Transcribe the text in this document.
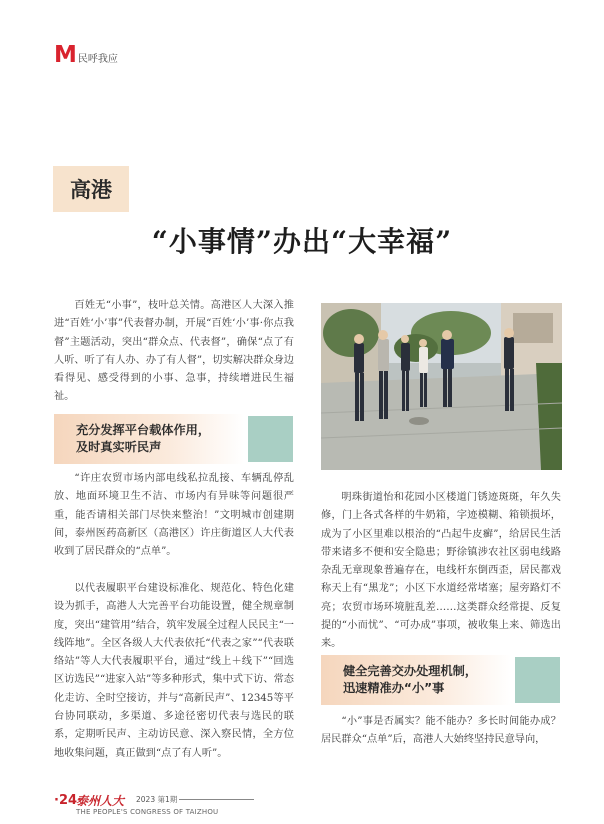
M 民呼我应
高港
“小事情”办出“大幸福”

百姓无“小事”，枝叶总关情。高港区人大深入推进“百姓‘小’事”代表督办制，开展“百姓‘小’事·你点我督”主题活动，突出“群众点、代表督”，确保“点了有人听、听了有人办、办了有人督”，切实解决群众身边看得见、感受得到的小事、急事，持续增进民生福祉。

充分发挥平台载体作用，
及时真实听民声

“许庄农贸市场内部电线私拉乱接、车辆乱停乱放、地面环境卫生不洁、市场内有异味等问题很严重，能否请相关部门尽快来整治！”文明城市创建期间，泰州医药高新区（高港区）许庄街道区人大代表收到了居民群众的“点单”。

以代表履职平台建设标准化、规范化、特色化建设为抓手，高港人大完善平台功能设置，健全规章制度，突出“建管用”结合，筑牢发展全过程人民民主“一线阵地”。全区各级人大代表依托“代表之家”“代表联络站”等人大代表履职平台，通过“线上＋线下”“回选区访选民”“进家入站”等多种形式，集中式下访、常态化走访、全时空接访，并与“高新民声”、12345等平台协同联动，多渠道、多途径密切代表与选民的联系，定期听民声、主动访民意、深入察民情，全方位地收集问题，真正做到“点了有人听”。

明珠街道怡和花园小区楼道门锈迹斑斑，年久失修，门上各式各样的牛奶箱，字迹模糊、箱锁损坏，成为了小区里难以根治的“凸起牛皮癣”，给居民生活带来诸多不便和安全隐患；野徐镇涉农社区弱电线路杂乱无章现象普遍存在，电线杆东倒西歪，居民都戏称天上有“黑龙”；小区下水道经常堵塞；屋旁路灯不亮；农贸市场环境脏乱差……这类群众经常提、反复提的“小而忧”、“可办成”事项，被收集上来、筛选出来。

健全完善交办处理机制，
迅速精准办“小”事

“小”事是否属实？能不能办？多长时间能办成？居民群众“点单”后，高港人大始终坚持民意导向，

·24·
泰州人大 2023 第1期
THE PEOPLE'S CONGRESS OF TAIZHOU
